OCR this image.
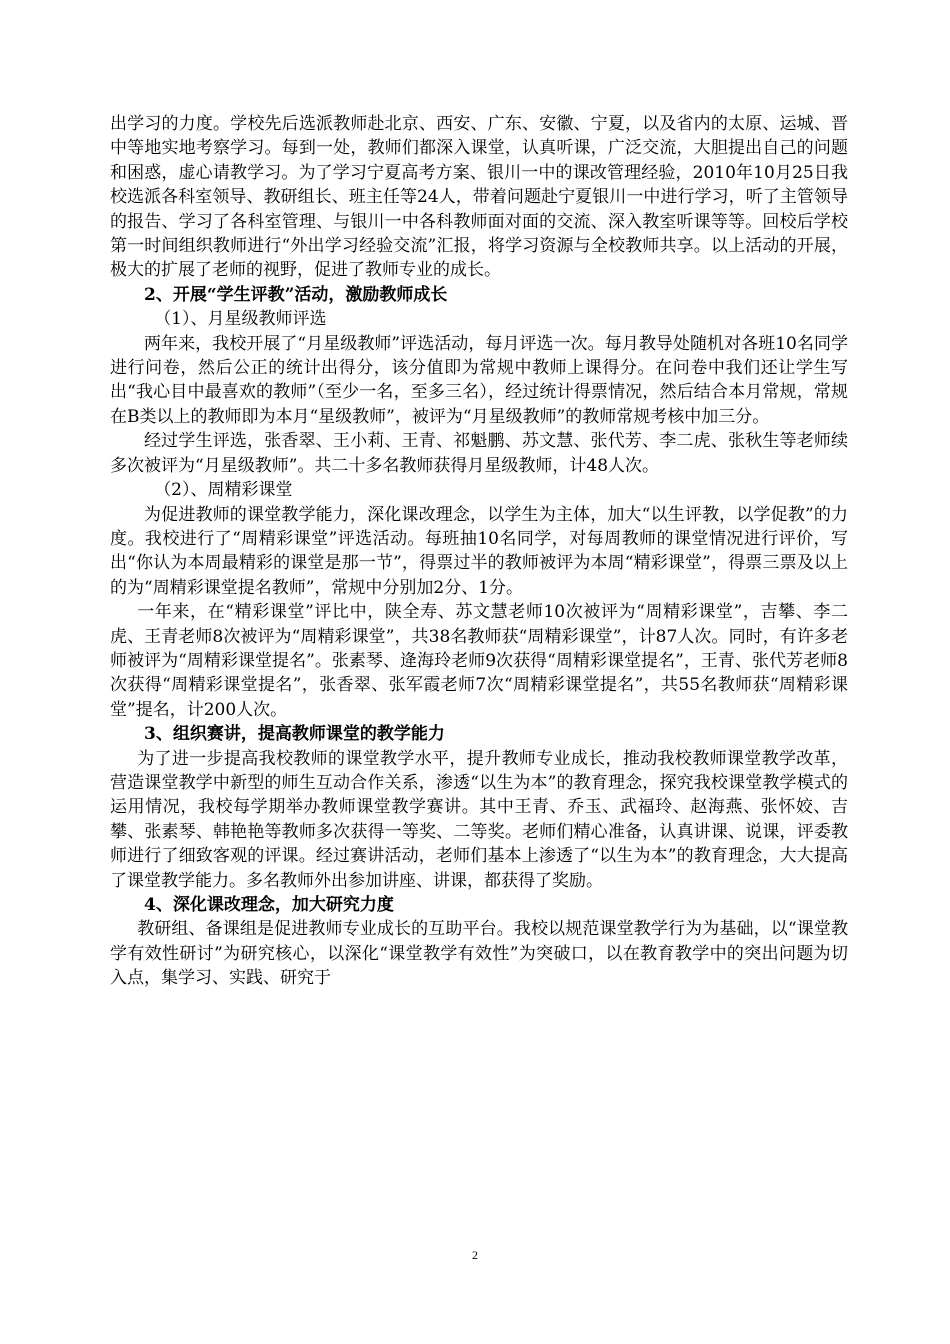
出学习的力度。学校先后选派教师赴北京、西安、广东、安徽、宁夏，以及省内的太原、运城、晋中等地实地考察学习。每到一处，教师们都深入课堂，认真听课，广泛交流，大胆提出自己的问题和困惑，虚心请教学习。为了学习宁夏高考方案、银川一中的课改管理经验，2010年10月25日我校选派各科室领导、教研组长、班主任等24人，带着问题赴宁夏银川一中进行学习，听了主管领导的报告、学习了各科室管理、与银川一中各科教师面对面的交流、深入教室听课等等。回校后学校第一时间组织教师进行“外出学习经验交流”汇报，将学习资源与全校教师共享。以上活动的开展，极大的扩展了老师的视野，促进了教师专业的成长。

2、开展“学生评教”活动，激励教师成长

（1）、月星级教师评选

两年来，我校开展了“月星级教师”评选活动，每月评选一次。每月教导处随机对各班10名同学进行问卷，然后公正的统计出得分，该分值即为常规中教师上课得分。在问卷中我们还让学生写出“我心目中最喜欢的教师”（至少一名，至多三名），经过统计得票情况，然后结合本月常规，常规在B类以上的教师即为本月“星级教师”，被评为“月星级教师”的教师常规考核中加三分。

经过学生评选，张香翠、王小莉、王青、祁魁鹏、苏文慧、张代芳、李二虎、张秋生等老师续多次被评为“月星级教师”。共二十多名教师获得月星级教师，计48人次。

（2）、周精彩课堂

为促进教师的课堂教学能力，深化课改理念，以学生为主体，加大“以生评教，以学促教”的力度。我校进行了“周精彩课堂”评选活动。每班抽10名同学，对每周教师的课堂情况进行评价，写出“你认为本周最精彩的课堂是那一节”，得票过半的教师被评为本周“精彩课堂”，得票三票及以上的为“周精彩课堂提名教师”，常规中分别加2分、1分。

一年来，在“精彩课堂”评比中，陕全寿、苏文慧老师10次被评为“周精彩课堂”，吉攀、李二虎、王青老师8次被评为“周精彩课堂”，共38名教师获“周精彩课堂”，计87人次。同时，有许多老师被评为“周精彩课堂提名”。张素琴、逄海玲老师9次获得“周精彩课堂提名”，王青、张代芳老师8次获得“周精彩课堂提名”，张香翠、张军霞老师7次“周精彩课堂提名”，共55名教师获“周精彩课堂”提名，计200人次。

3、组织赛讲，提高教师课堂的教学能力

为了进一步提高我校教师的课堂教学水平，提升教师专业成长，推动我校教师课堂教学改革，营造课堂教学中新型的师生互动合作关系，渗透“以生为本”的教育理念，探究我校课堂教学模式的运用情况，我校每学期举办教师课堂教学赛讲。其中王青、乔玉、武福玲、赵海燕、张怀姣、吉攀、张素琴、韩艳艳等教师多次获得一等奖、二等奖。老师们精心准备，认真讲课、说课，评委教师进行了细致客观的评课。经过赛讲活动，老师们基本上渗透了“以生为本”的教育理念，大大提高了课堂教学能力。多名教师外出参加讲座、讲课，都获得了奖励。

4、深化课改理念，加大研究力度

教研组、备课组是促进教师专业成长的互助平台。我校以规范课堂教学行为为基础，以“课堂教学有效性研讨”为研究核心，以深化“课堂教学有效性”为突破口，以在教育教学中的突出问题为切入点，集学习、实践、研究于

2
